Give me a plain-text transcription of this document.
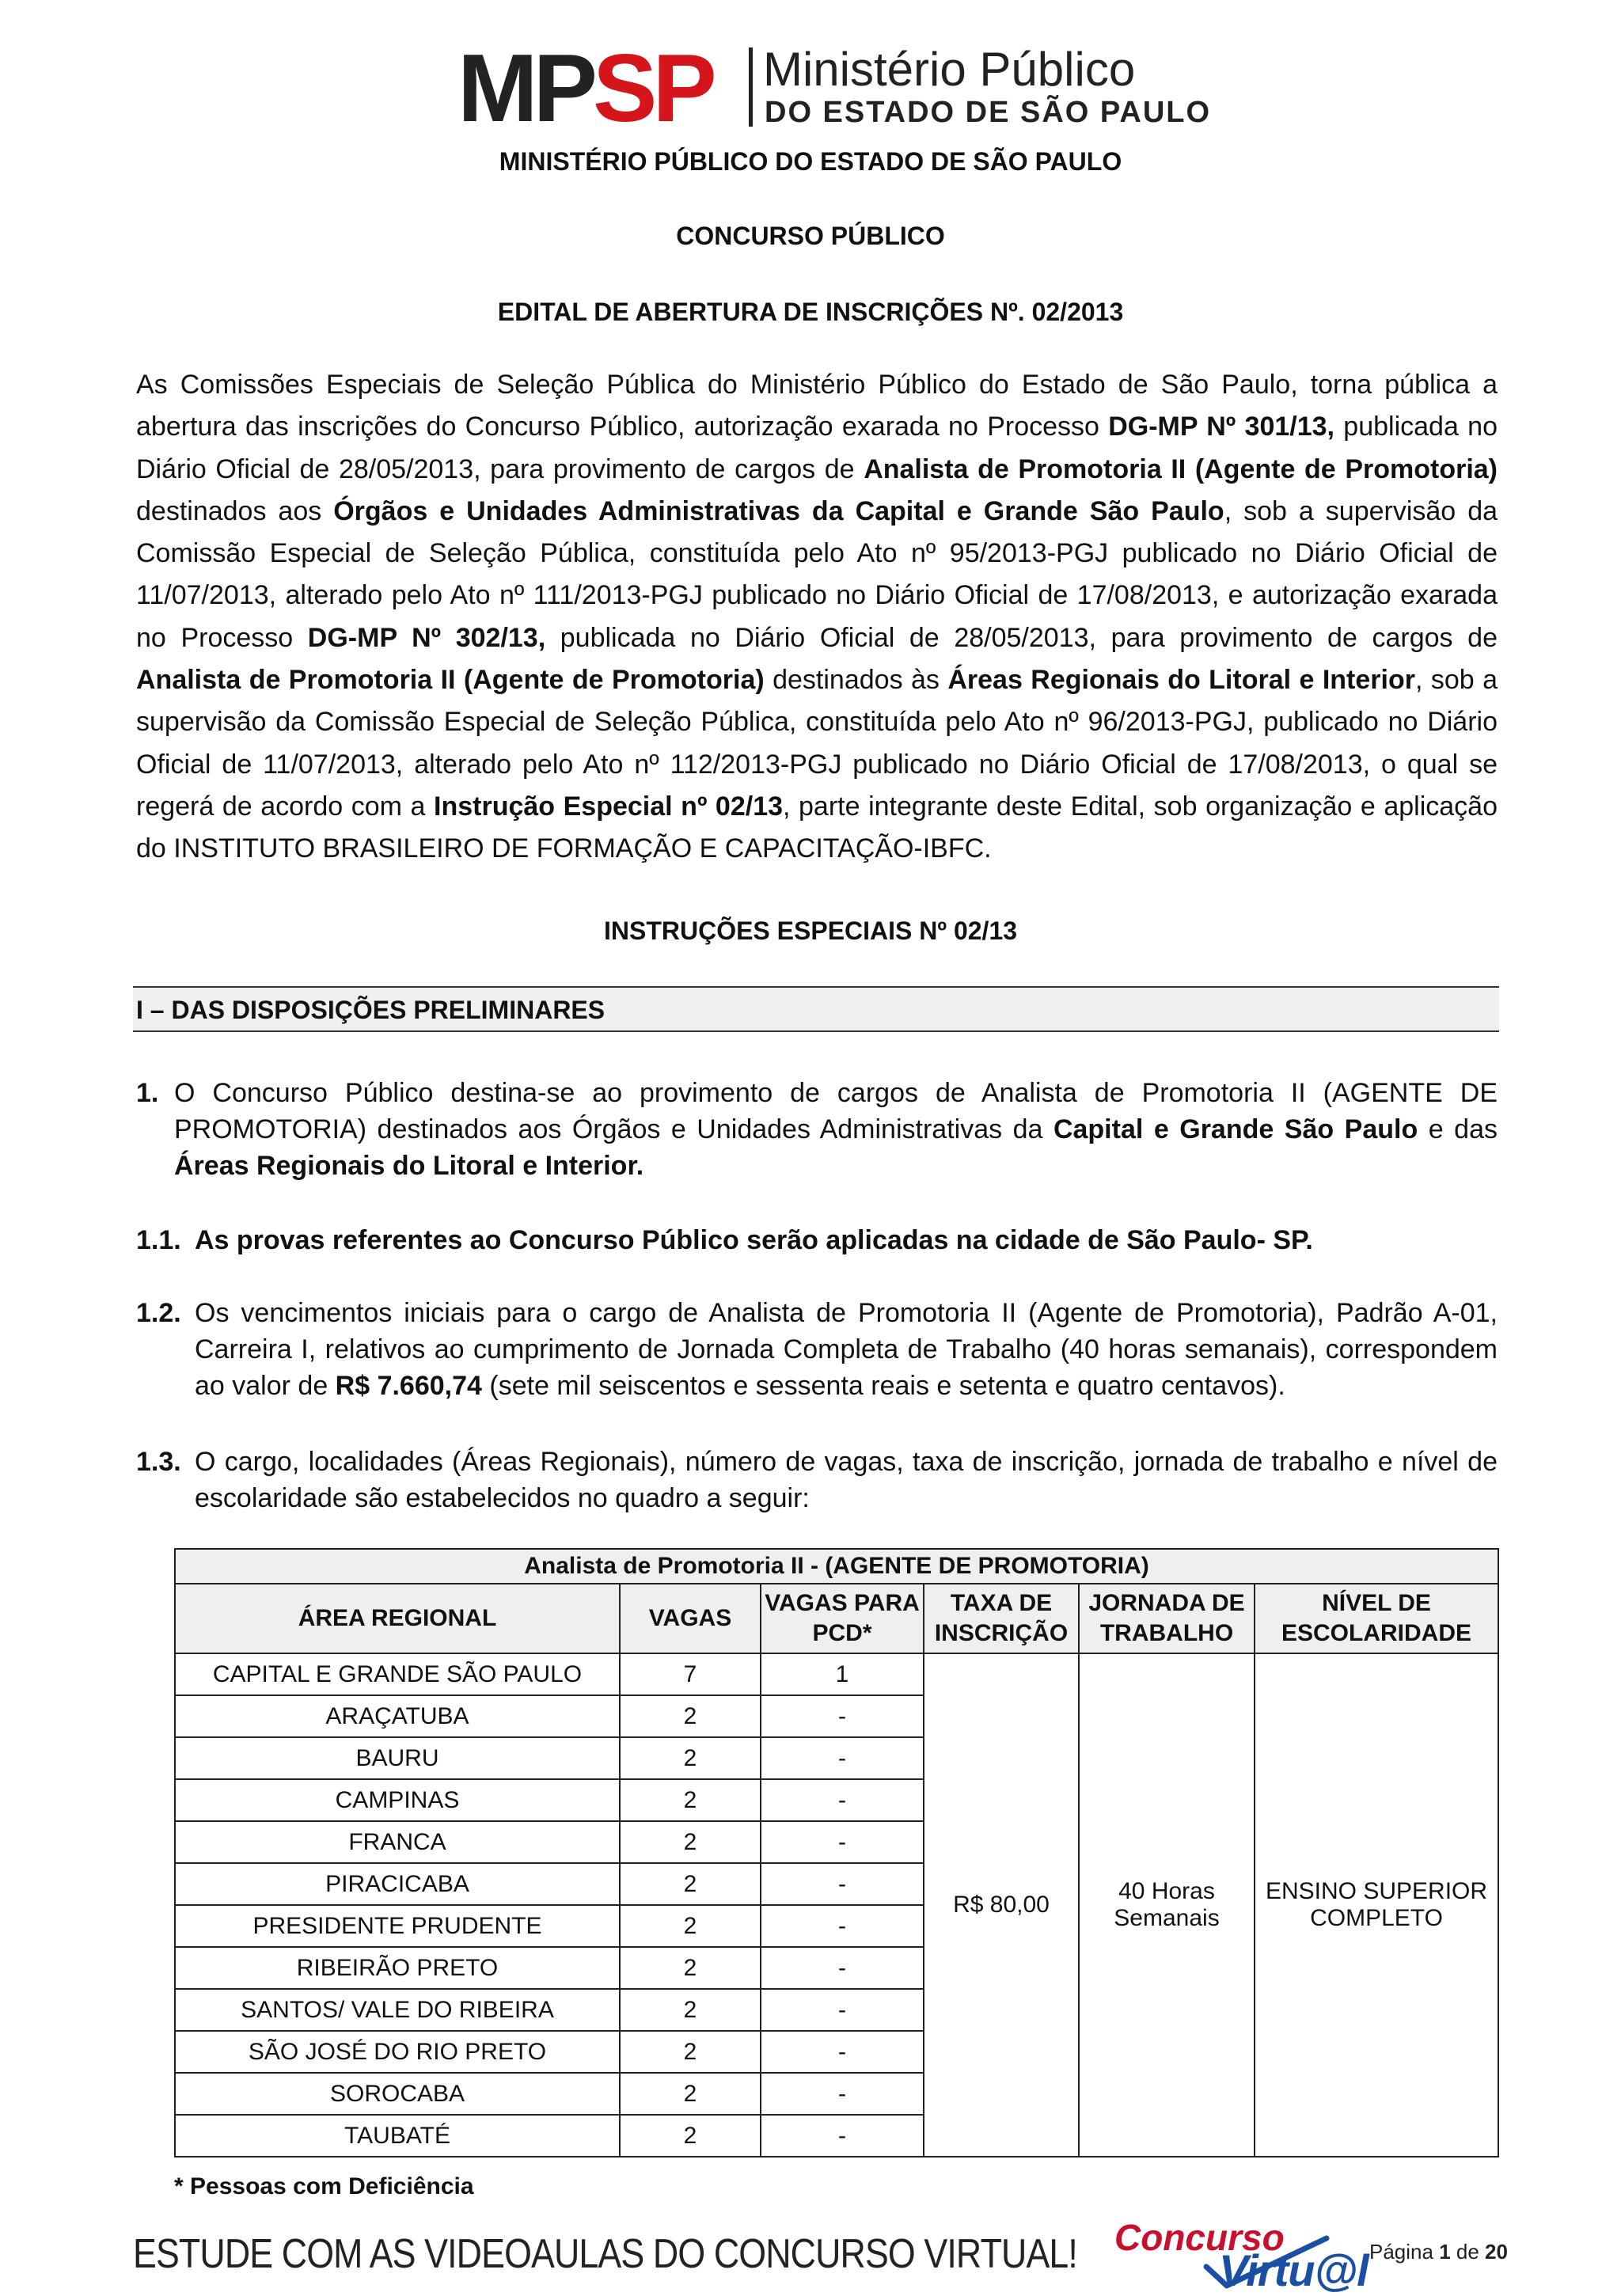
MPSP Ministério Público
DO ESTADO DE SÃO PAULO

MINISTÉRIO PÚBLICO DO ESTADO DE SÃO PAULO

CONCURSO PÚBLICO

EDITAL DE ABERTURA DE INSCRIÇÕES Nº. 02/2013

As Comissões Especiais de Seleção Pública do Ministério Público do Estado de São Paulo, torna pública a abertura das inscrições do Concurso Público, autorização exarada no Processo DG-MP Nº 301/13, publicada no Diário Oficial de 28/05/2013, para provimento de cargos de Analista de Promotoria II (Agente de Promotoria) destinados aos Órgãos e Unidades Administrativas da Capital e Grande São Paulo, sob a supervisão da Comissão Especial de Seleção Pública, constituída pelo Ato nº 95/2013-PGJ publicado no Diário Oficial de 11/07/2013, alterado pelo Ato nº 111/2013-PGJ publicado no Diário Oficial de 17/08/2013, e autorização exarada no Processo DG-MP Nº 302/13, publicada no Diário Oficial de 28/05/2013, para provimento de cargos de Analista de Promotoria II (Agente de Promotoria) destinados às Áreas Regionais do Litoral e Interior, sob a supervisão da Comissão Especial de Seleção Pública, constituída pelo Ato nº 96/2013-PGJ, publicado no Diário Oficial de 11/07/2013, alterado pelo Ato nº 112/2013-PGJ publicado no Diário Oficial de 17/08/2013, o qual se regerá de acordo com a Instrução Especial nº 02/13, parte integrante deste Edital, sob organização e aplicação do INSTITUTO BRASILEIRO DE FORMAÇÃO E CAPACITAÇÃO-IBFC.

INSTRUÇÕES ESPECIAIS Nº 02/13

I – DAS DISPOSIÇÕES PRELIMINARES
1. O Concurso Público destina-se ao provimento de cargos de Analista de Promotoria II (AGENTE DE PROMOTORIA) destinados aos Órgãos e Unidades Administrativas da Capital e Grande São Paulo e das Áreas Regionais do Litoral e Interior.
1.1. As provas referentes ao Concurso Público serão aplicadas na cidade de São Paulo- SP.
1.2. Os vencimentos iniciais para o cargo de Analista de Promotoria II (Agente de Promotoria), Padrão A-01, Carreira I, relativos ao cumprimento de Jornada Completa de Trabalho (40 horas semanais), correspondem ao valor de R$ 7.660,74 (sete mil seiscentos e sessenta reais e setenta e quatro centavos).
1.3. O cargo, localidades (Áreas Regionais), número de vagas, taxa de inscrição, jornada de trabalho e nível de escolaridade são estabelecidos no quadro a seguir:
Analista de Promotoria II - (AGENTE DE PROMOTORIA)					
ÁREA REGIONAL	VAGAS	VAGAS PARA PCD*	TAXA DE INSCRIÇÃO	JORNADA DE TRABALHO	NÍVEL DE ESCOLARIDADE
CAPITAL E GRANDE SÃO PAULO	7	1	R$ 80,00	40 Horas Semanais	ENSINO SUPERIOR COMPLETO
ARAÇATUBA	2	-			
BAURU	2	-			
CAMPINAS	2	-			
FRANCA	2	-			
PIRACICABA	2	-			
PRESIDENTE PRUDENTE	2	-			
RIBEIRÃO PRETO	2	-			
SANTOS/ VALE DO RIBEIRA	2	-			
SÃO JOSÉ DO RIO PRETO	2	-			
SOROCABA	2	-			
TAUBATÉ	2	-			
* Pessoas com Deficiência
ESTUDE COM AS VIDEOAULAS DO CONCURSO VIRTUAL! Concurso
Virtu@l Página 1 de 20
